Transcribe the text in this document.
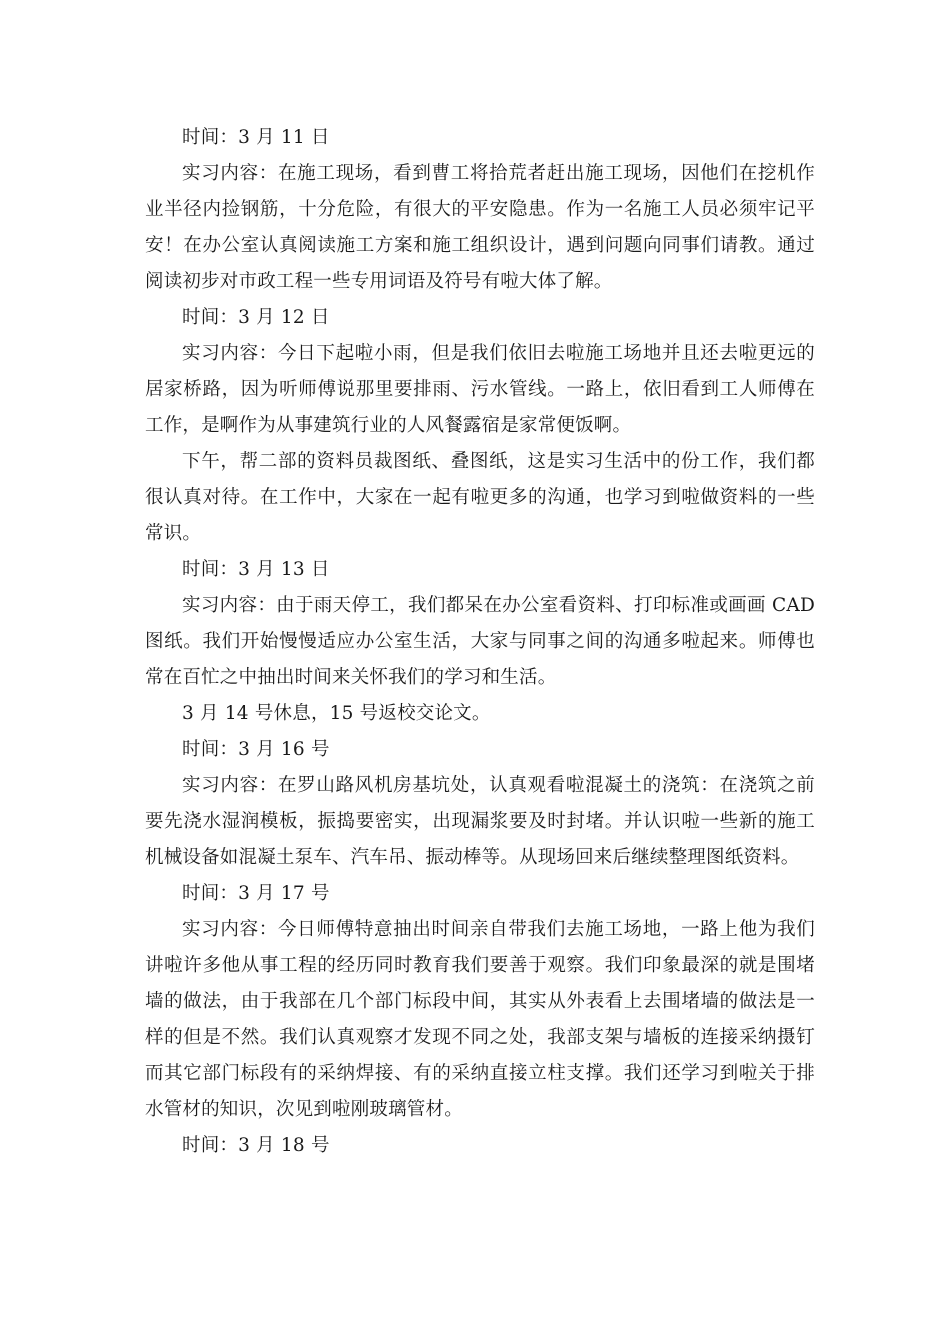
时间：3 月 11 日

实习内容：在施工现场，看到曹工将拾荒者赶出施工现场，因他们在挖机作业半径内捡钢筋，十分危险，有很大的平安隐患。作为一名施工人员必须牢记平安！在办公室认真阅读施工方案和施工组织设计，遇到问题向同事们请教。通过阅读初步对市政工程一些专用词语及符号有啦大体了解。

时间：3 月 12 日

实习内容：今日下起啦小雨，但是我们依旧去啦施工场地并且还去啦更远的居家桥路，因为听师傅说那里要排雨、污水管线。一路上，依旧看到工人师傅在工作，是啊作为从事建筑行业的人风餐露宿是家常便饭啊。

下午，帮二部的资料员裁图纸、叠图纸，这是实习生活中的份工作，我们都很认真对待。在工作中，大家在一起有啦更多的沟通，也学习到啦做资料的一些常识。

时间：3 月 13 日

实习内容：由于雨天停工，我们都呆在办公室看资料、打印标准或画画 CAD 图纸。我们开始慢慢适应办公室生活，大家与同事之间的沟通多啦起来。师傅也常在百忙之中抽出时间来关怀我们的学习和生活。

3 月 14 号休息，15 号返校交论文。

时间：3 月 16 号

实习内容：在罗山路风机房基坑处，认真观看啦混凝土的浇筑：在浇筑之前要先浇水湿润模板，振捣要密实，出现漏浆要及时封堵。并认识啦一些新的施工机械设备如混凝土泵车、汽车吊、振动棒等。从现场回来后继续整理图纸资料。

时间：3 月 17 号

实习内容：今日师傅特意抽出时间亲自带我们去施工场地，一路上他为我们讲啦许多他从事工程的经历同时教育我们要善于观察。我们印象最深的就是围堵墙的做法，由于我部在几个部门标段中间，其实从外表看上去围堵墙的做法是一样的但是不然。我们认真观察才发现不同之处，我部支架与墙板的连接采纳摄钉而其它部门标段有的采纳焊接、有的采纳直接立柱支撑。我们还学习到啦关于排水管材的知识，次见到啦刚玻璃管材。

时间：3 月 18 号
